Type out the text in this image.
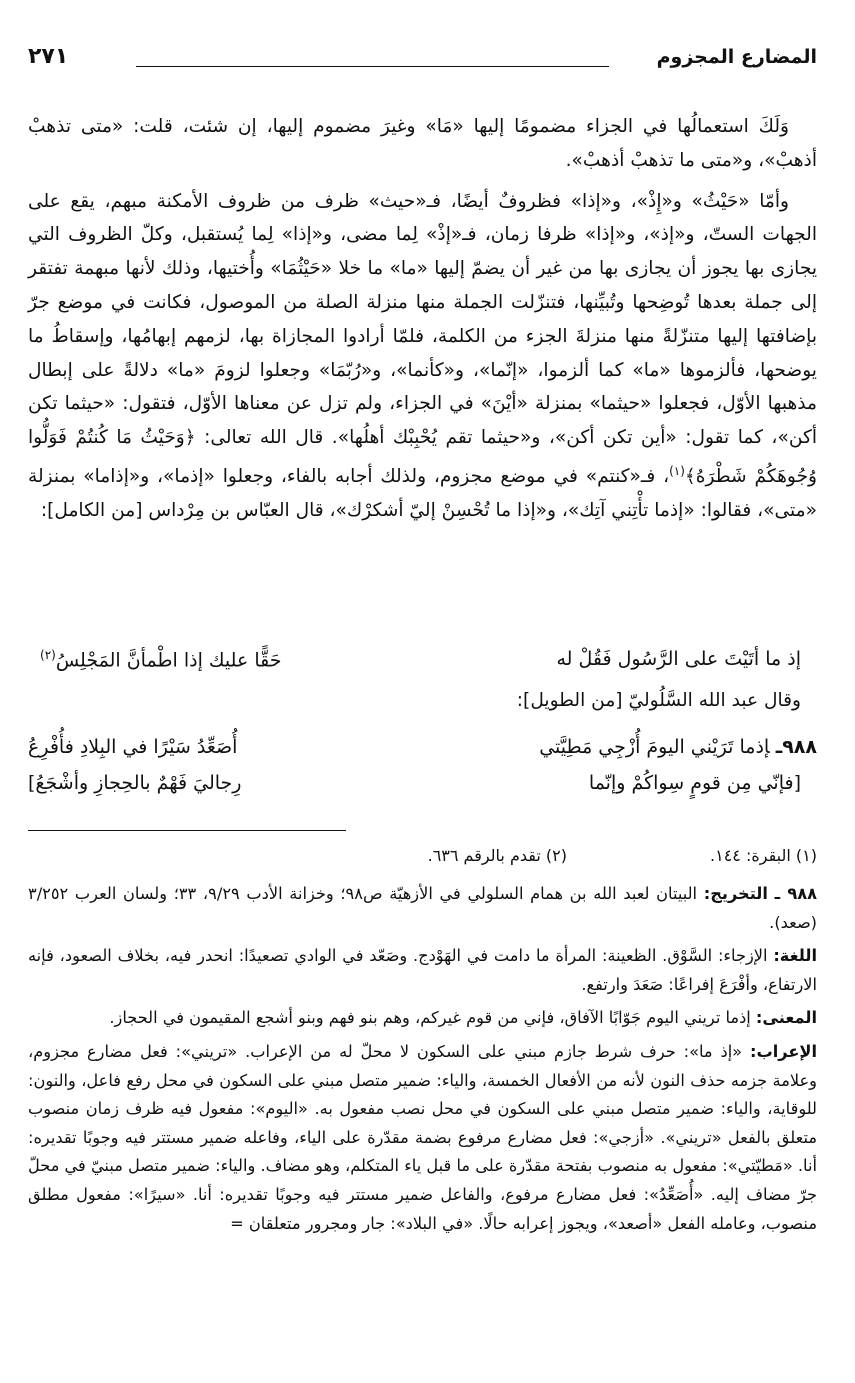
المضارع المجزوم
٢٧١

وَلَكَ استعمالُها في الجزاء مضمومًا إليها «مَا» وغيرَ مضموم إليها، إن شئت، قلت: «متى تذهبْ أذهبْ»، و«متى ما تذهبْ أذهبْ».

وأمّا «حَيْثُ» و«إِذْ»، و«إذا» فظروفٌ أيضًا، فـ«حيث» ظرف من ظروف الأمكنة مبهم، يقع على الجهات الستّ، و«إذ»، و«إذا» ظرفا زمان، فـ«إذْ» لِما مضى، و«إذا» لِما يُستقبل، وكلّ الظروف التي يجازى بها يجوز أن يجازى بها من غير أن يضمّ إليها «ما» ما خلا «حَيْثُمَا» وأُختيها، وذلك لأنها مبهمة تفتقر إلى جملة بعدها تُوضِحها وتُبيِّنها، فتنزّلت الجملة منها منزلة الصلة من الموصول، فكانت في موضع جرّ بإضافتها إليها متنزّلةً منها منزلةَ الجزء من الكلمة، فلمّا أرادوا المجازاة بها، لزمهم إبهامُها، وإسقاطُ ما يوضحها، فألزموها «ما» كما ألزموا، «إنّما»، و«كأنما»، و«رُبّمَا» وجعلوا لزومَ «ما» دلالةً على إبطال مذهبها الأوّل، فجعلوا «حيثما» بمنزلة «أيْنَ» في الجزاء، ولم تزل عن معناها الأوّل، فتقول: «حيثما تكن أكن»، كما تقول: «أين تكن أكن»، و«حيثما تقم يُحْبِبْك أهلُها». قال الله تعالى: ﴿وَحَيْثُ مَا كُنتُمْ فَوَلُّوا وُجُوهَكُمْ شَطْرَهُ﴾$^{(١)}$، فـ«كنتم» في موضع مجزوم، ولذلك أجابه بالفاء، وجعلوا «إذما»، و«إذاما» بمنزلة «متى»، فقالوا: «إذما تأْتِني آتِك»، و«إذا ما تُحْسِنْ إليّ أشكرْك»، قال العبّاس بن مِرْداس [من الكامل]:

إذ ما أتَيْتَ على الرَّسُول فَقُلْ له
حَقًّا عليك إذا اطْمأنَّ المَجْلِسُ$^{(٢)}$
وقال عبد الله السَّلُوليّ [من الطويل]:
٩٨٨ـإذما تَرَيْني اليومَ أُزْجِي مَطِيَّتي
أُصَعِّدُ سَيْرًا في البِلادِ فأُفْرِعُ
[فإنّي مِن قومٍ سِواكُمْ وإنّما
رِجاليَ فَهْمٌ بالحِجازِ وأشْجَعُ]
(١) البقرة: ١٤٤.
(٢) تقدم بالرقم ٦٣٦.

٩٨٨ ـ التخريج: البيتان لعبد الله بن همام السلولي في الأزهيّة ص٩٨؛ وخزانة الأدب ٩/٢٩، ٣٣؛ ولسان العرب ٣/٢٥٢ (صعد).

اللغة: الإزجاء: السَّوْق. الظعينة: المرأة ما دامت في الهَوْدج. وصَعّد في الوادي تصعيدًا: انحدر فيه، بخلاف الصعود، فإنه الارتفاع، وأفْرَعَ إفراعًا: صَعَدَ وارتفع.

المعنى: إذما تريني اليوم جَوّابًا الآفاق، فإني من قوم غيركم، وهم بنو فهم وبنو أشجع المقيمون في الحجاز.

الإعراب: «إذ ما»: حرف شرط جازم مبني على السكون لا محلّ له من الإعراب. «تريني»: فعل مضارع مجزوم، وعلامة جزمه حذف النون لأنه من الأفعال الخمسة، والياء: ضمير متصل مبني على السكون في محل رفع فاعل، والنون: للوقاية، والياء: ضمير متصل مبني على السكون في محل نصب مفعول به. «اليوم»: مفعول فيه ظرف زمان منصوب متعلق بالفعل «تريني». «أزجي»: فعل مضارع مرفوع بضمة مقدّرة على الياء، وفاعله ضمير مستتر فيه وجوبًا تقديره: أنا. «مَطيّتي»: مفعول به منصوب بفتحة مقدّرة على ما قبل ياء المتكلم، وهو مضاف. والياء: ضمير متصل مبنيّ في محلّ جرّ مضاف إليه. «أُصَعِّدُ»: فعل مضارع مرفوع، والفاعل ضمير مستتر فيه وجوبًا تقديره: أنا. «سيرًا»: مفعول مطلق منصوب، وعامله الفعل «أصعد»، ويجوز إعرابه حالًا. «في البلاد»: جار ومجرور متعلقان =
